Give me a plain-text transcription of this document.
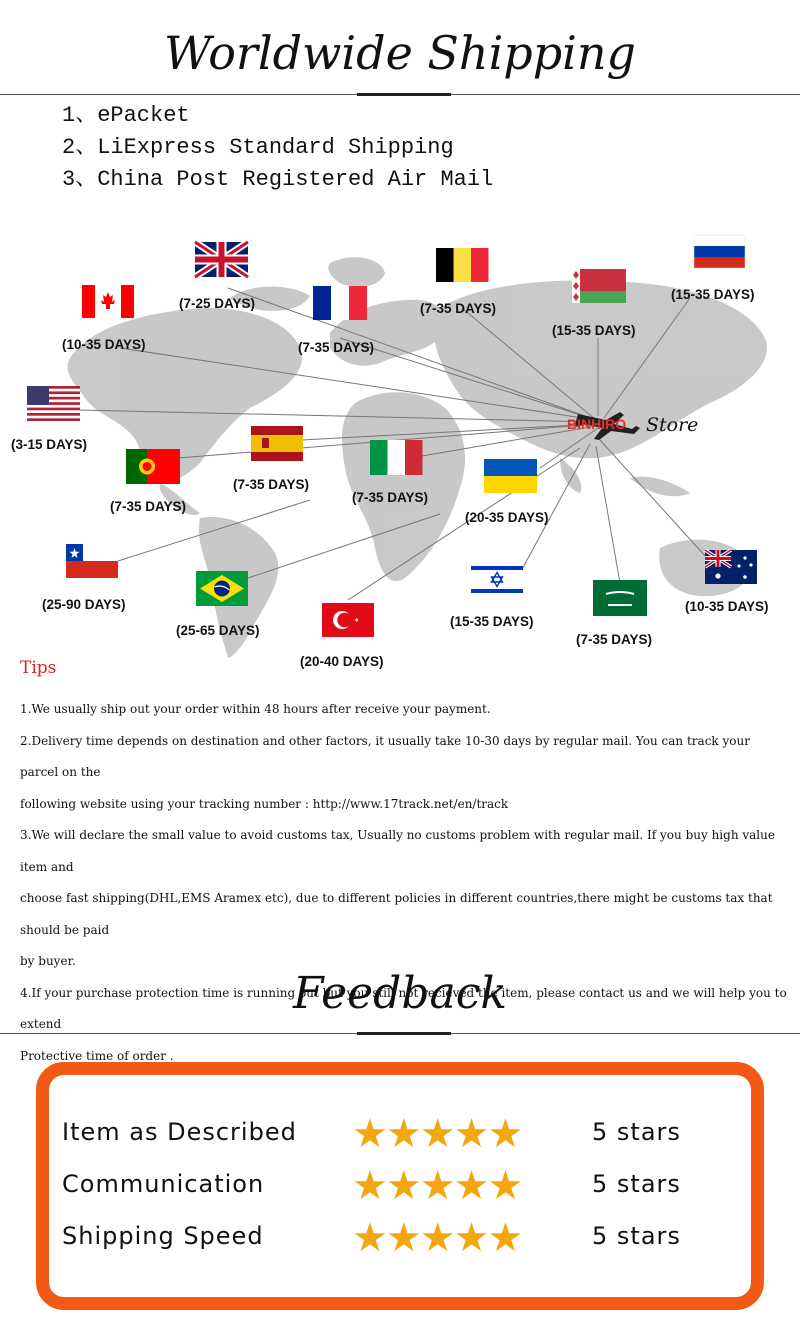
Worldwide Shipping
1、ePacket
2、LiExpress Standard Shipping
3、China Post Registered Air Mail
BINHIRO Store
(7-25 DAYS)	(7-35 DAYS)
(15-35 DAYS)
(10-35 DAYS)	(7-35 DAYS)
(15-35 DAYS)
(3-15 DAYS)
(7-35 DAYS)
(7-35 DAYS)
(7-35 DAYS)
(20-35 DAYS)
(25-90 DAYS)
(25-65 DAYS)
(20-40 DAYS)
(15-35 DAYS)
(7-35 DAYS)
(10-35 DAYS)
Tips

1.We usually ship out your order within 48 hours after receive your payment.

2.Delivery time depends on destination and other factors, it usually take 10-30 days by regular mail. You can track your parcel on the

following website using your tracking number : http://www.17track.net/en/track

3.We will declare the small value to avoid customs tax, Usually no customs problem with regular mail. If you buy high value item and

choose fast shipping(DHL,EMS Aramex etc), due to different policies in different countries,there might be customs tax that should be paid

by buyer.

4.If your purchase protection time is running out but you still not recieved the item, please contact us and we will help you to extend

Protective time of order .

Feedback
Item as Described ★★★★★	5 stars
Communication ★★★★★	5 stars
Shipping Speed ★★★★★	5 stars
